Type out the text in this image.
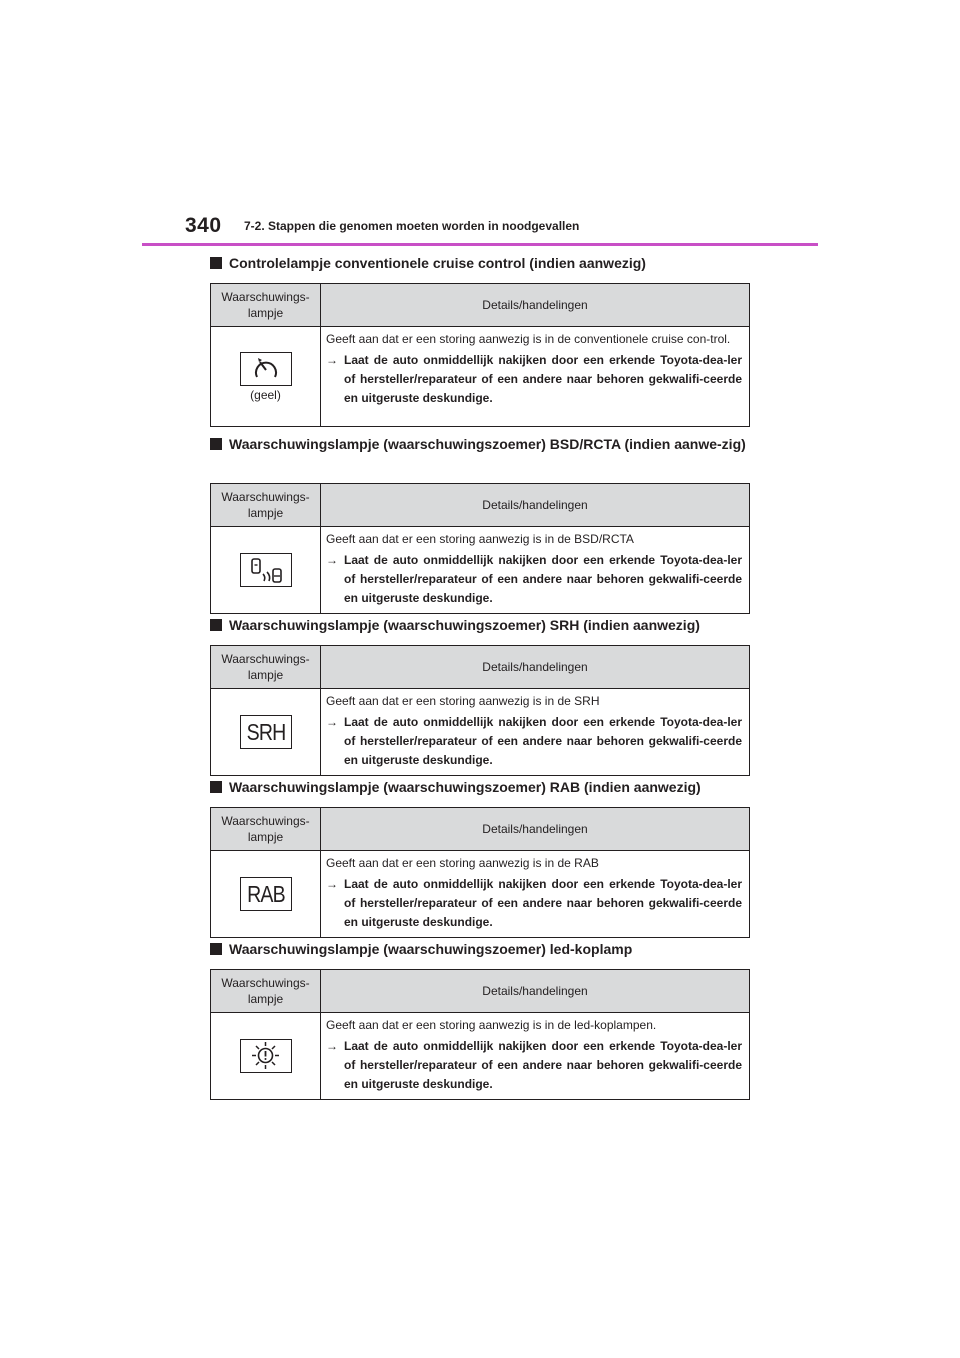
340 7-2. Stappen die genomen moeten worden in noodgevallen
Controlelampje conventionele cruise control (indien aanwezig)
Waarschuwings-lampje	Details/handelingen

(geel)	Geeft aan dat er een storing aanwezig is in de conventionele cruise con-trol.
→ Laat de auto onmiddellijk nakijken door een erkende Toyota-dea-ler of hersteller/reparateur of een andere naar behoren gekwalifi-ceerde en uitgeruste deskundige.
Waarschuwingslampje (waarschuwingszoemer) BSD/RCTA (indien aanwe-zig)
Waarschuwings-lampje	Details/handelingen

Geeft aan dat er een storing aanwezig is in de BSD/RCTA
→ Laat de auto onmiddellijk nakijken door een erkende Toyota-dea-ler of hersteller/reparateur of een andere naar behoren gekwalifi-ceerde en uitgeruste deskundige.
Waarschuwingslampje (waarschuwingszoemer) SRH (indien aanwezig)
Waarschuwings-lampje	Details/handelingen

SRH	Geeft aan dat er een storing aanwezig is in de SRH
→ Laat de auto onmiddellijk nakijken door een erkende Toyota-dea-ler of hersteller/reparateur of een andere naar behoren gekwalifi-ceerde en uitgeruste deskundige.
Waarschuwingslampje (waarschuwingszoemer) RAB (indien aanwezig)
Waarschuwings-lampje	Details/handelingen

RAB	Geeft aan dat er een storing aanwezig is in de RAB
→ Laat de auto onmiddellijk nakijken door een erkende Toyota-dea-ler of hersteller/reparateur of een andere naar behoren gekwalifi-ceerde en uitgeruste deskundige.
Waarschuwingslampje (waarschuwingszoemer) led-koplamp
Waarschuwings-lampje	Details/handelingen

Geeft aan dat er een storing aanwezig is in de led-koplampen.
→ Laat de auto onmiddellijk nakijken door een erkende Toyota-dea-ler of hersteller/reparateur of een andere naar behoren gekwalifi-ceerde en uitgeruste deskundige.
